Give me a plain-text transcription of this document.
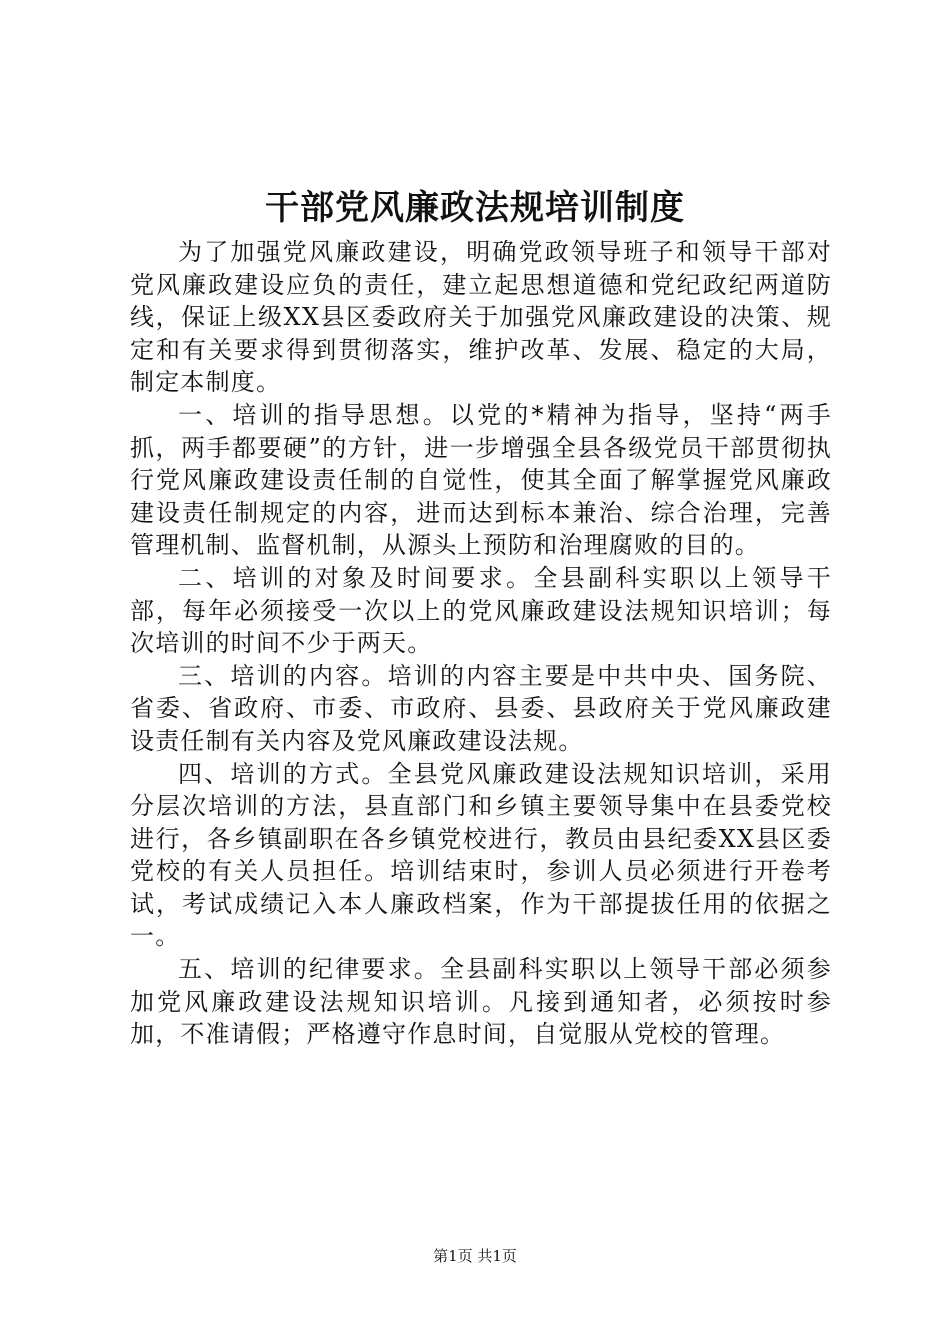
干部党风廉政法规培训制度

为了加强党风廉政建设，明确党政领导班子和领导干部对党风廉政建设应负的责任，建立起思想道德和党纪政纪两道防线，保证上级XX县区委政府关于加强党风廉政建设的决策、规定和有关要求得到贯彻落实，维护改革、发展、稳定的大局，制定本制度。

一、培训的指导思想。以党的*精神为指导，坚持“两手抓，两手都要硬”的方针，进一步增强全县各级党员干部贯彻执行党风廉政建设责任制的自觉性，使其全面了解掌握党风廉政建设责任制规定的内容，进而达到标本兼治、综合治理，完善管理机制、监督机制，从源头上预防和治理腐败的目的。

二、培训的对象及时间要求。全县副科实职以上领导干部，每年必须接受一次以上的党风廉政建设法规知识培训；每次培训的时间不少于两天。

三、培训的内容。培训的内容主要是中共中央、国务院、省委、省政府、市委、市政府、县委、县政府关于党风廉政建设责任制有关内容及党风廉政建设法规。

四、培训的方式。全县党风廉政建设法规知识培训，采用分层次培训的方法，县直部门和乡镇主要领导集中在县委党校进行，各乡镇副职在各乡镇党校进行，教员由县纪委XX县区委党校的有关人员担任。培训结束时，参训人员必须进行开卷考试，考试成绩记入本人廉政档案，作为干部提拔任用的依据之一。

五、培训的纪律要求。全县副科实职以上领导干部必须参加党风廉政建设法规知识培训。凡接到通知者，必须按时参加，不准请假；严格遵守作息时间，自觉服从党校的管理。

第1页 共1页
